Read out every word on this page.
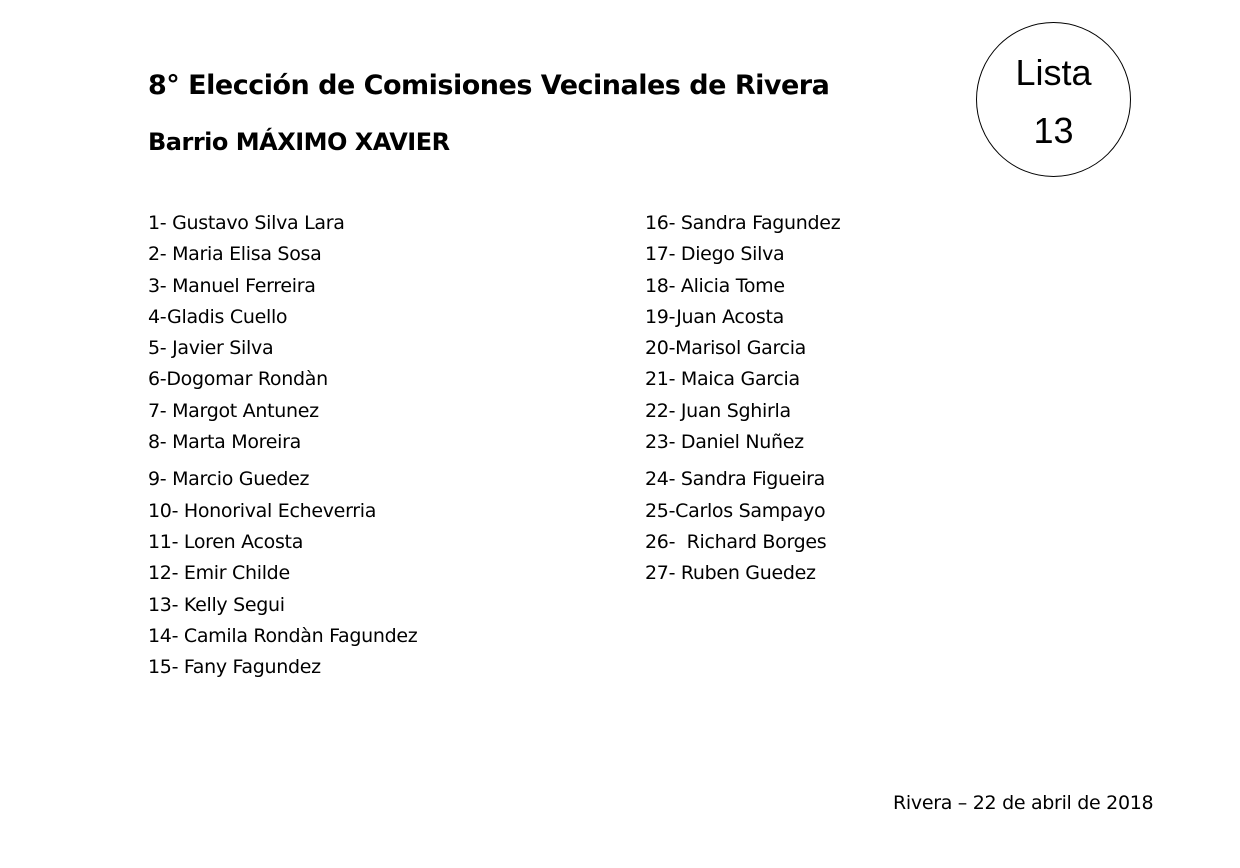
8° Elección de Comisiones Vecinales de Rivera
Barrio MÁXIMO XAVIER
Lista
13
1- Gustavo Silva Lara
2- Maria Elisa Sosa
3- Manuel Ferreira
4-Gladis Cuello
5- Javier Silva
6-Dogomar Rondàn
7- Margot Antunez
8- Marta Moreira
9- Marcio Guedez
10- Honorival Echeverria
11- Loren Acosta
12- Emir Childe
13- Kelly Segui
14- Camila Rondàn Fagundez
15- Fany Fagundez
16- Sandra Fagundez
17- Diego Silva
18- Alicia Tome
19-Juan Acosta
20-Marisol Garcia
21- Maica Garcia
22- Juan Sghirla
23- Daniel Nuñez
24- Sandra Figueira
25-Carlos Sampayo
26-  Richard Borges
27- Ruben Guedez
Rivera – 22 de abril de 2018
